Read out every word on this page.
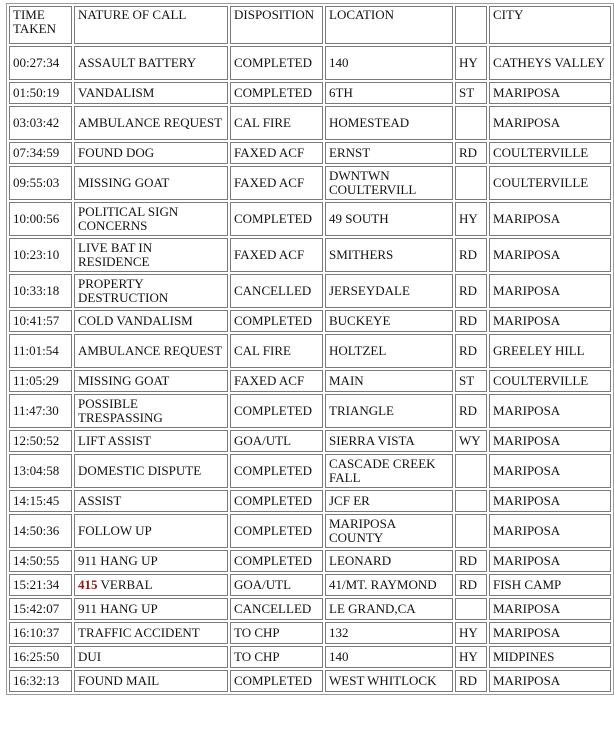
TIME TAKEN	NATURE OF CALL	DISPOSITION	LOCATION		CITY
00:27:34	ASSAULT BATTERY	COMPLETED	140	HY	CATHEYS VALLEY
01:50:19	VANDALISM	COMPLETED	6TH	ST	MARIPOSA
03:03:42	AMBULANCE REQUEST	CAL FIRE	HOMESTEAD		MARIPOSA
07:34:59	FOUND DOG	FAXED ACF	ERNST	RD	COULTERVILLE
09:55:03	MISSING GOAT	FAXED ACF	DWNTWN COULTERVILL		COULTERVILLE
10:00:56	POLITICAL SIGN CONCERNS	COMPLETED	49 SOUTH	HY	MARIPOSA
10:23:10	LIVE BAT IN RESIDENCE	FAXED ACF	SMITHERS	RD	MARIPOSA
10:33:18	PROPERTY DESTRUCTION	CANCELLED	JERSEYDALE	RD	MARIPOSA
10:41:57	COLD VANDALISM	COMPLETED	BUCKEYE	RD	MARIPOSA
11:01:54	AMBULANCE REQUEST	CAL FIRE	HOLTZEL	RD	GREELEY HILL
11:05:29	MISSING GOAT	FAXED ACF	MAIN	ST	COULTERVILLE
11:47:30	POSSIBLE TRESPASSING	COMPLETED	TRIANGLE	RD	MARIPOSA
12:50:52	LIFT ASSIST	GOA/UTL	SIERRA VISTA	WY	MARIPOSA
13:04:58	DOMESTIC DISPUTE	COMPLETED	CASCADE CREEK FALL		MARIPOSA
14:15:45	ASSIST	COMPLETED	JCF ER		MARIPOSA
14:50:36	FOLLOW UP	COMPLETED	MARIPOSA COUNTY		MARIPOSA
14:50:55	911 HANG UP	COMPLETED	LEONARD	RD	MARIPOSA
15:21:34	415 VERBAL	GOA/UTL	41/MT. RAYMOND	RD	FISH CAMP
15:42:07	911 HANG UP	CANCELLED	LE GRAND,CA		MARIPOSA
16:10:37	TRAFFIC ACCIDENT	TO CHP	132	HY	MARIPOSA
16:25:50	DUI	TO CHP	140	HY	MIDPINES
16:32:13	FOUND MAIL	COMPLETED	WEST WHITLOCK	RD	MARIPOSA
